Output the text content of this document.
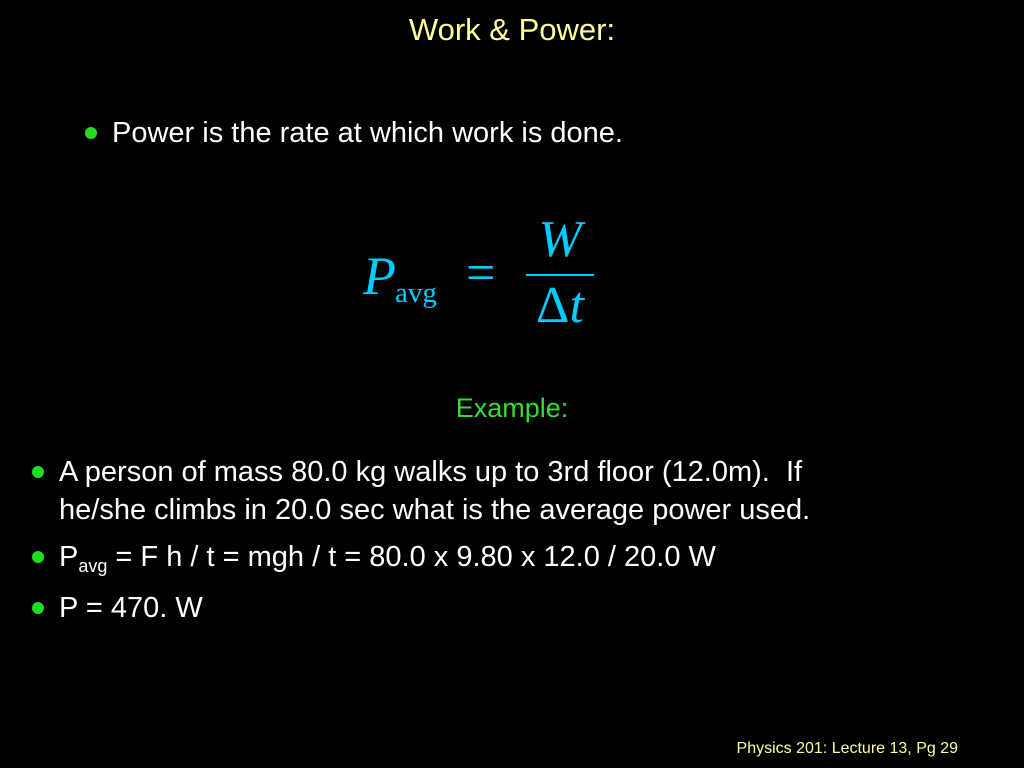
Work & Power:
Power is the rate at which work is done.
P avg =
W
Δt
Example:
A person of mass 80.0 kg walks up to 3rd floor (12.0m).  If
he/she climbs in 20.0 sec what is the average power used.
$P_{avg} = F$ h / t = mgh / t = 80.0 x 9.80 x 12.0 / 20.0 W
P = 470. W
Physics 201: Lecture 13, Pg 29
